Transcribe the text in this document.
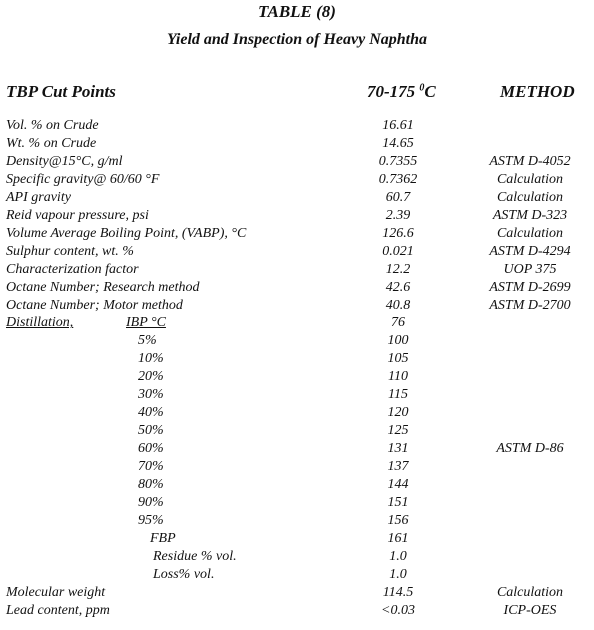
TABLE (8)
Yield and Inspection of Heavy Naphtha
TBP Cut Points	70-175 $^0$C	METHOD
Vol. % on Crude	16.61
Wt. % on Crude	14.65
Density@15°C, g/ml	0.7355	ASTM D-4052
Specific gravity@ 60/60 °F	0.7362	Calculation
API gravity	60.7	Calculation
Reid vapour pressure, psi	2.39	ASTM D-323
Volume Average Boiling Point, (VABP), °C	126.6	Calculation
Sulphur content, wt. %	0.021	ASTM D-4294
Characterization factor	12.2	UOP 375
Octane Number; Research method	42.6	ASTM D-2699
Octane Number; Motor method	40.8	ASTM D-2700
Distillation,	IBP °C	76
5%	100
10%	105
20%	110
30%	115
40%	120
50%	125
60%	131	ASTM D-86
70%	137
80%	144
90%	151
95%	156
FBP	161
Residue % vol.	1.0
Loss% vol.	1.0
Molecular weight	114.5	Calculation
Lead content, ppm	<0.03	ICP-OES
